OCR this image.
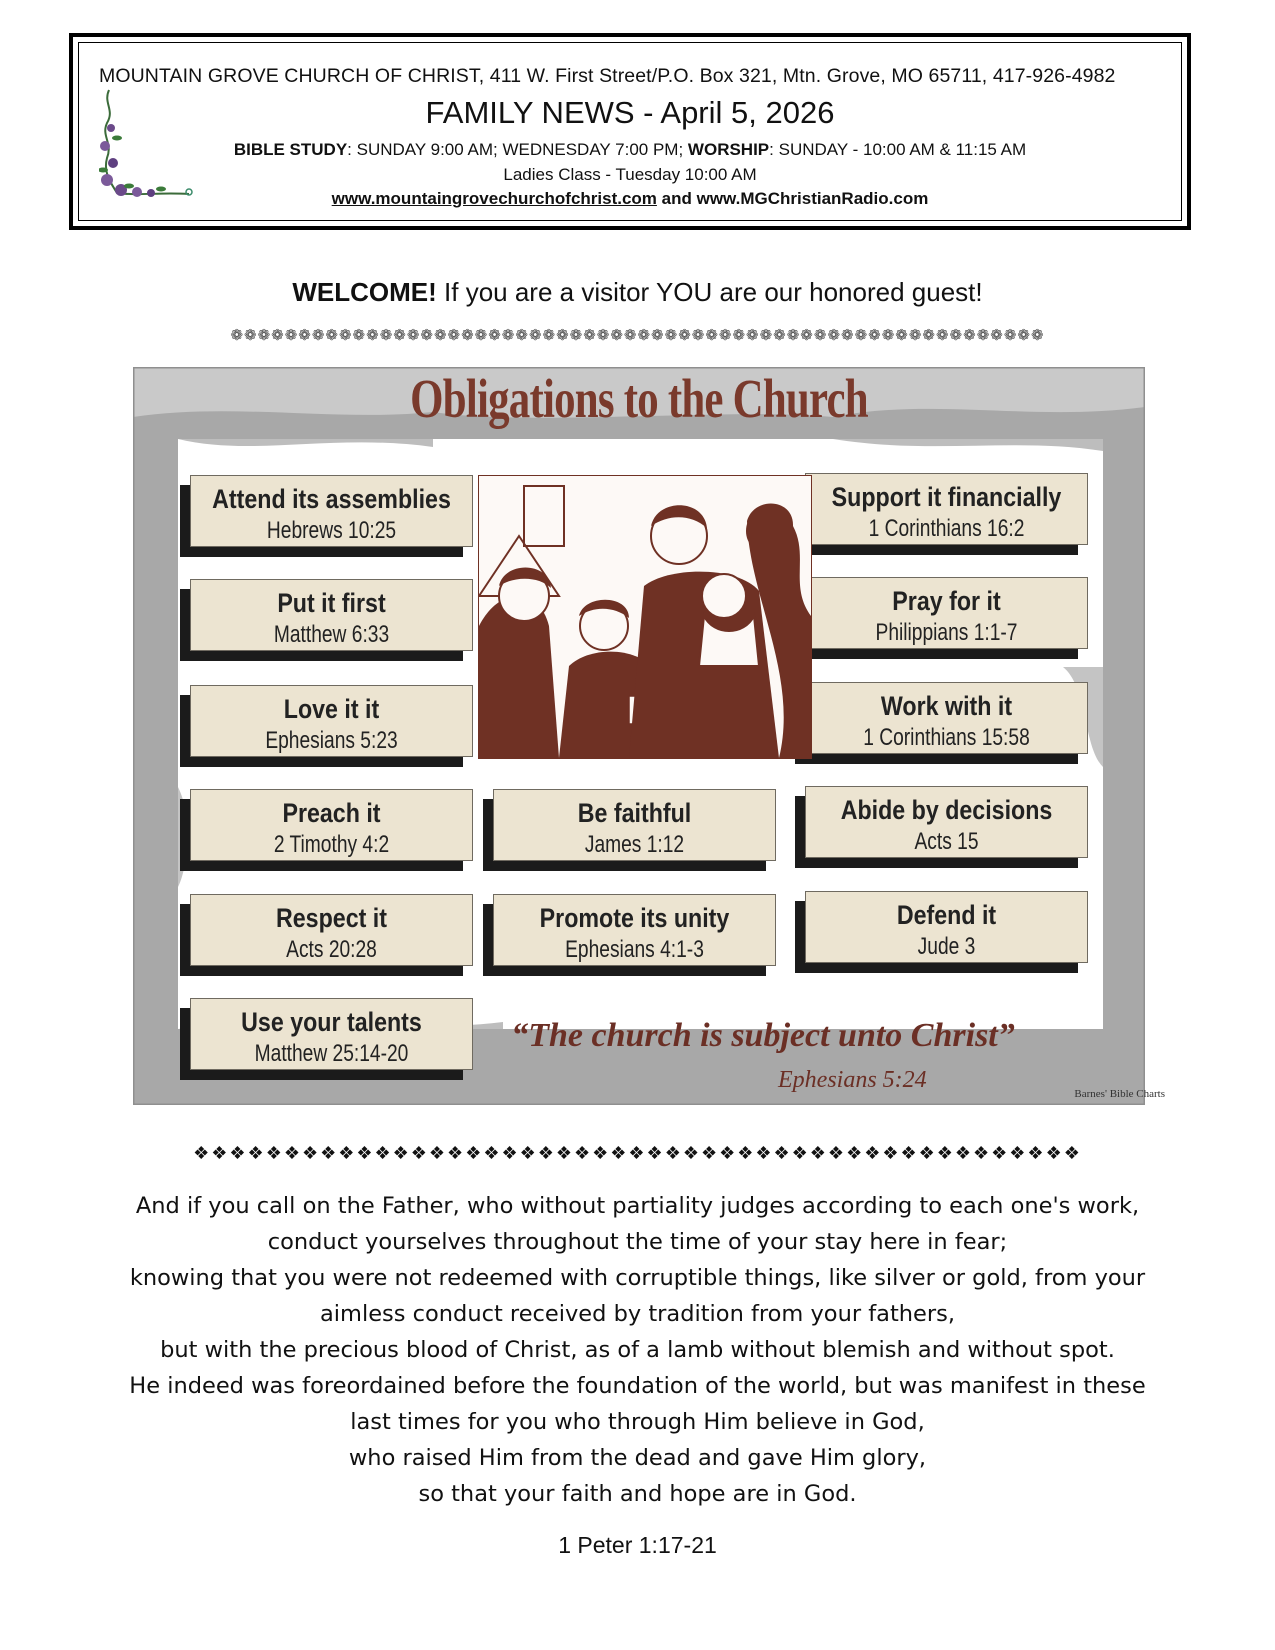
MOUNTAIN GROVE CHURCH OF CHRIST, 411 W. First Street/P.O. Box 321, Mtn. Grove, MO 65711, 417-926-4982
FAMILY NEWS - April 5, 2026
BIBLE STUDY: SUNDAY 9:00 AM; WEDNESDAY 7:00 PM; WORSHIP: SUNDAY - 10:00 AM & 11:15 AM
Ladies Class - Tuesday 10:00 AM
www.mountaingrovechurchofchrist.com and www.MGChristianRadio.com
WELCOME! If you are a visitor YOU are our honored guest!
❁❁❁❁❁❁❁❁❁❁❁❁❁❁❁❁❁❁❁❁❁❁❁❁❁❁❁❁❁❁❁❁❁❁❁❁❁❁❁❁❁❁❁❁❁❁❁❁❁❁❁❁❁❁❁❁❁❁❁❁
Obligations to the Church
Attend its assemblies
Hebrews 10:25
Put it first
Matthew 6:33
Love it it
Ephesians 5:23
Preach it
2 Timothy 4:2
Respect it
Acts 20:28
Use your talents
Matthew 25:14-20
Be faithful
James 1:12
Promote its unity
Ephesians 4:1-3
Support it financially
1 Corinthians 16:2
Pray for it
Philippians 1:1-7
Work with it
1 Corinthians 15:58
Abide by decisions
Acts 15
Defend it
Jude 3
“The church is subject unto Christ”
Ephesians 5:24
Barnes' Bible Charts
❖❖❖❖❖❖❖❖❖❖❖❖❖❖❖❖❖❖❖❖❖❖❖❖❖❖❖❖❖❖❖❖❖❖❖❖❖❖❖❖❖❖❖❖❖❖❖❖❖
And if you call on the Father, who without partiality judges according to each one's work,
conduct yourselves throughout the time of your stay here in fear;
knowing that you were not redeemed with corruptible things, like silver or gold, from your
aimless conduct received by tradition from your fathers,
but with the precious blood of Christ, as of a lamb without blemish and without spot.
He indeed was foreordained before the foundation of the world, but was manifest in these
last times for you who through Him believe in God,
who raised Him from the dead and gave Him glory,
so that your faith and hope are in God.
1 Peter 1:17-21
